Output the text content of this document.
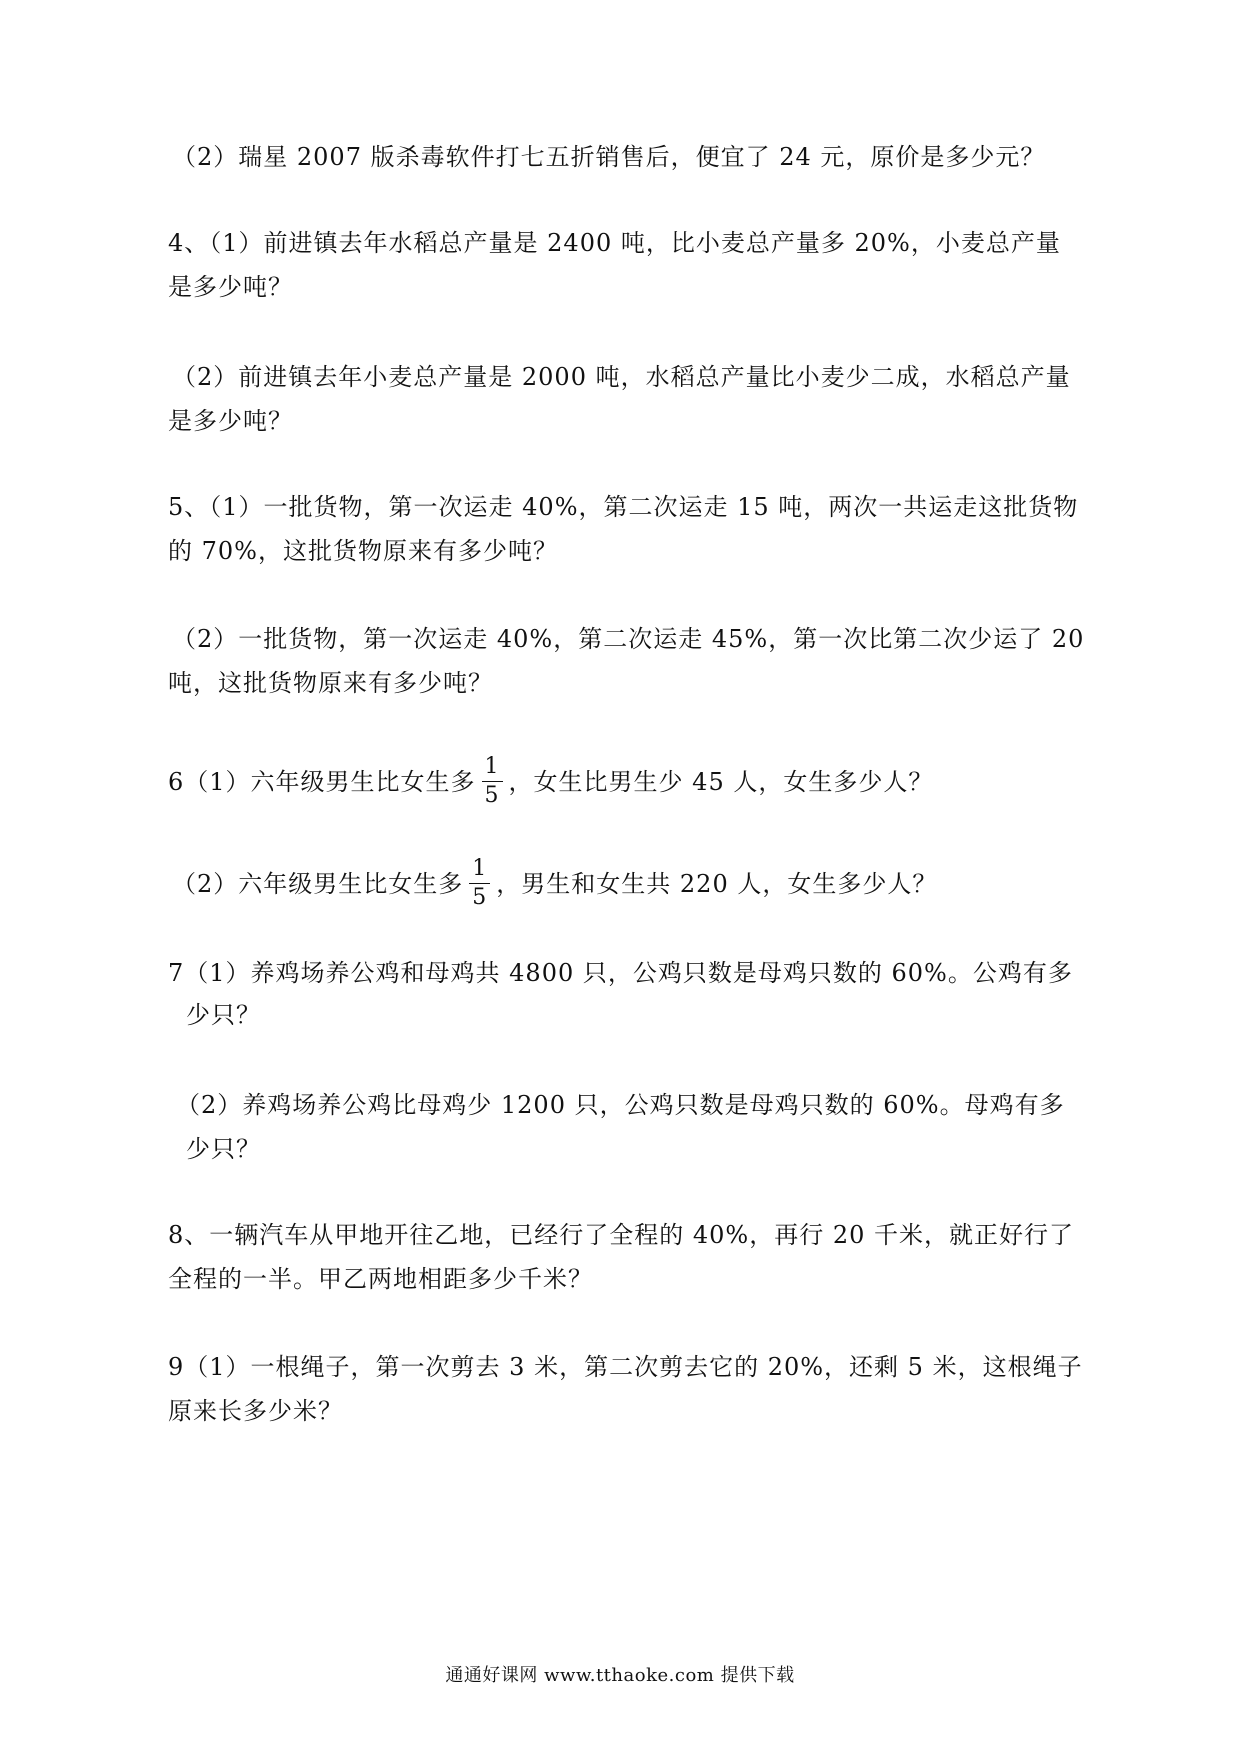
（2）瑞星 2007 版杀毒软件打七五折销售后，便宜了 24 元，原价是多少元？
4、（1）前进镇去年水稻总产量是 2400 吨，比小麦总产量多 20%，小麦总产量
是多少吨？
（2）前进镇去年小麦总产量是 2000 吨，水稻总产量比小麦少二成，水稻总产量
是多少吨？
5、（1）一批货物，第一次运走 40%，第二次运走 15 吨，两次一共运走这批货物
的 70%，这批货物原来有多少吨？
（2）一批货物，第一次运走 40%，第二次运走 45%，第一次比第二次少运了 20
吨，这批货物原来有多少吨？
6（1）六年级男生比女生多 $\frac{1}{5}$ ，女生比男生少 45 人，女生多少人？
（2）六年级男生比女生多 $\frac{1}{5}$ ，男生和女生共 220 人，女生多少人？
7（1）养鸡场养公鸡和母鸡共 4800 只，公鸡只数是母鸡只数的 60%。公鸡有多
少只？
（2）养鸡场养公鸡比母鸡少 1200 只，公鸡只数是母鸡只数的 60%。母鸡有多
少只？
8、一辆汽车从甲地开往乙地，已经行了全程的 40%，再行 20 千米，就正好行了
全程的一半。甲乙两地相距多少千米？
9（1）一根绳子，第一次剪去 3 米，第二次剪去它的 20%，还剩 5 米，这根绳子
原来长多少米？
通通好课网 www.tthaoke.com 提供下载
